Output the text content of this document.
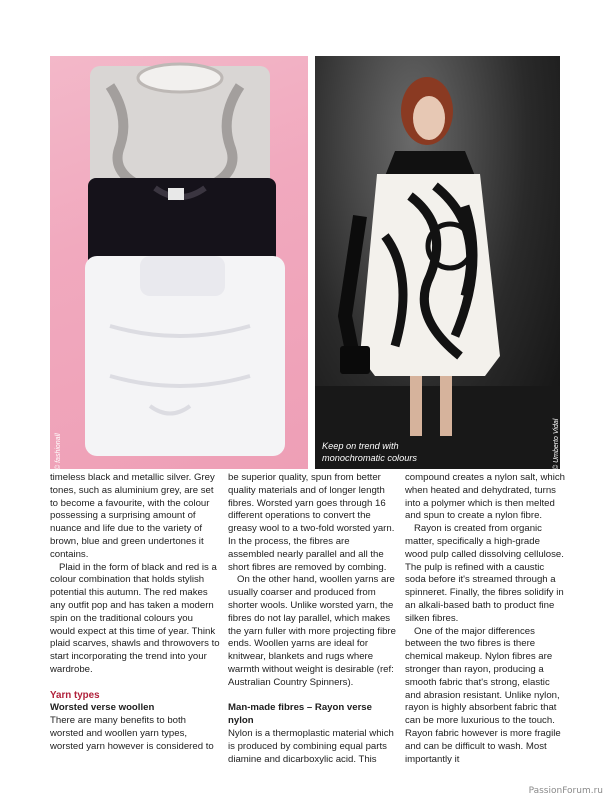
© fashionall	Keep on trend with monochromatic colours	© Umberto Vidal

timeless black and metallic silver. Grey tones, such as aluminium grey, are set to become a favourite, with the colour possessing a surprising amount of nuance and life due to the variety of brown, blue and green undertones it contains.

Plaid in the form of black and red is a colour combination that holds stylish potential this autumn. The red makes any outfit pop and has taken a modern spin on the traditional colours you would expect at this time of year. Think plaid scarves, shawls and throwovers to start incorporating the trend into your wardrobe.

Yarn types
Worsted verse woollen

There are many benefits to both worsted and woollen yarn types, worsted yarn however is considered to

be superior quality, spun from better quality materials and of longer length fibres. Worsted yarn goes through 16 different operations to convert the greasy wool to a two-fold worsted yarn. In the process, the fibres are assembled nearly parallel and all the short fibres are removed by combing.

On the other hand, woollen yarns are usually coarser and produced from shorter wools. Unlike worsted yarn, the fibres do not lay parallel, which makes the yarn fuller with more projecting fibre ends. Woollen yarns are ideal for knitwear, blankets and rugs where warmth without weight is desirable (ref: Australian Country Spinners).

Man-made fibres – Rayon verse nylon

Nylon is a thermoplastic material which is produced by combining equal parts diamine and dicarboxylic acid. This

compound creates a nylon salt, which when heated and dehydrated, turns into a polymer which is then melted and spun to create a nylon fibre.

Rayon is created from organic matter, specifically a high-grade wood pulp called dissolving cellulose. The pulp is refined with a caustic soda before it's streamed through a spinneret. Finally, the fibres solidify in an alkali-based bath to product fine silken fibres.

One of the major differences between the two fibres is there chemical makeup. Nylon fibres are stronger than rayon, producing a smooth fabric that's strong, elastic and abrasion resistant. Unlike nylon, rayon is highly absorbent fabric that can be more luxurious to the touch. Rayon fabric however is more fragile and can be difficult to wash. Most importantly it

PassionForum.ru
